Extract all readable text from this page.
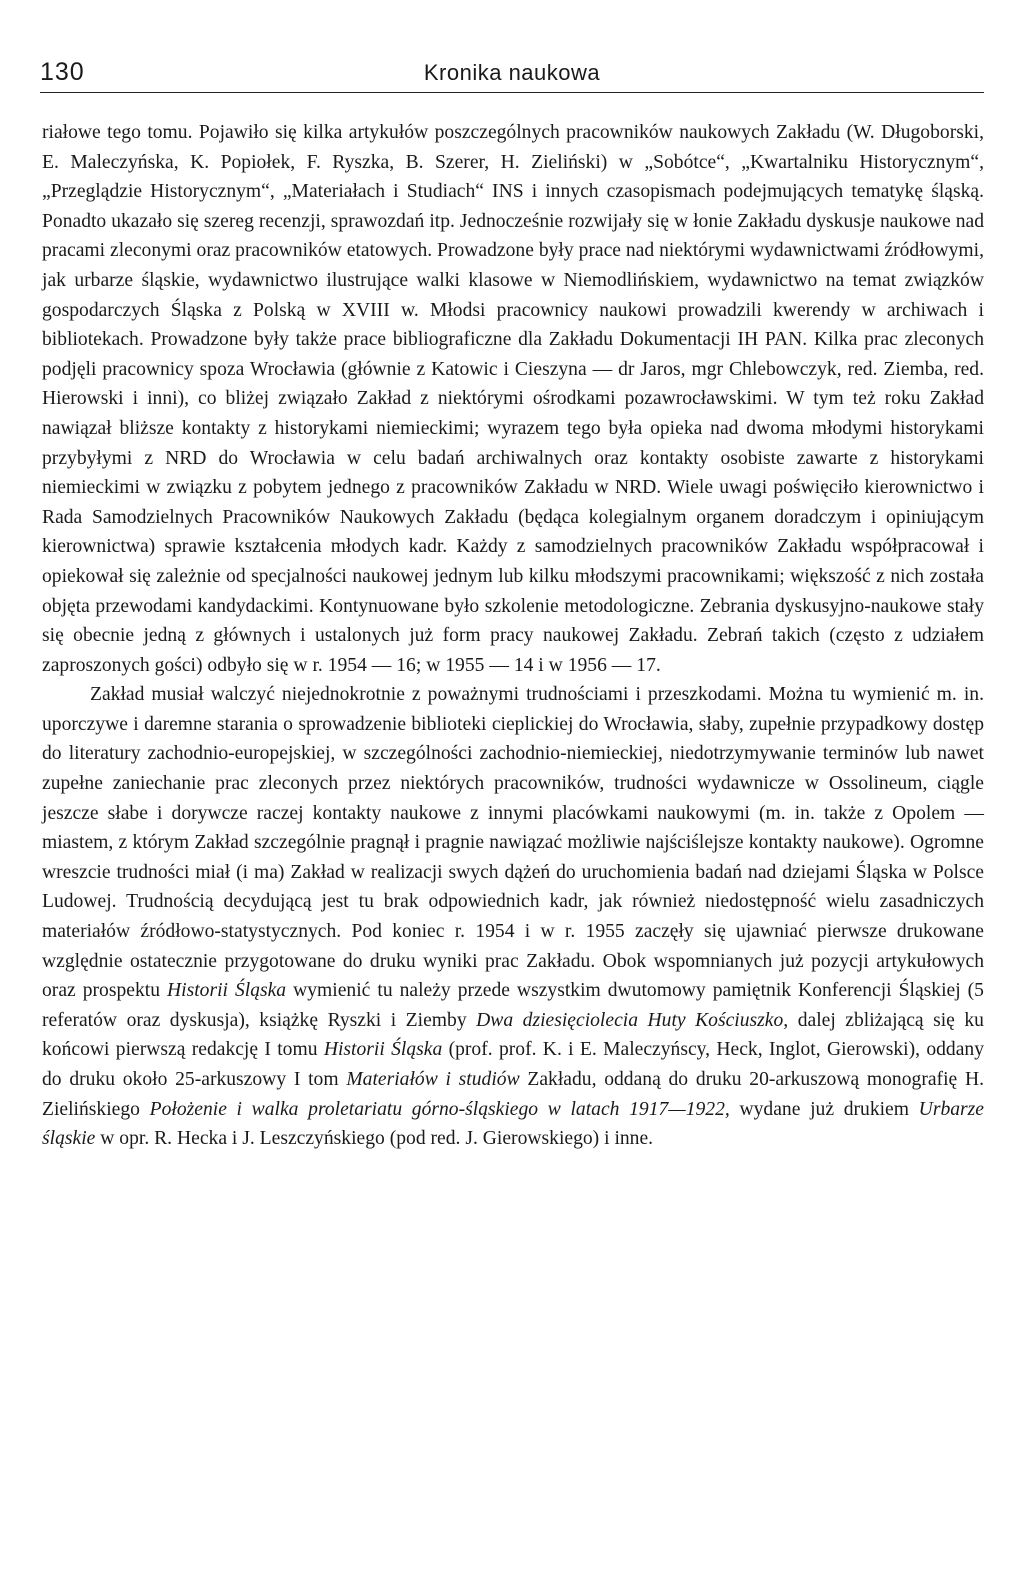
130	Kronika naukowa

riałowe tego tomu. Pojawiło się kilka artykułów poszczególnych pracowników naukowych Zakładu (W. Długoborski, E. Maleczyńska, K. Popiołek, F. Ryszka, B. Szerer, H. Zieliński) w „Sobótce“, „Kwartalniku Historycznym“, „Przeglądzie Historycznym“, „Materiałach i Studiach“ INS i innych czasopismach podejmujących tematykę śląską. Ponadto ukazało się szereg recenzji, sprawozdań itp. Jednocześnie rozwijały się w łonie Zakładu dyskusje naukowe nad pracami zleconymi oraz pracowników etatowych. Prowadzone były prace nad niektórymi wydawnictwami źródłowymi, jak urbarze śląskie, wydawnictwo ilustrujące walki klasowe w Niemodlińskiem, wydawnictwo na temat związków gospodarczych Śląska z Polską w XVIII w. Młodsi pracownicy naukowi prowadzili kwerendy w archiwach i bibliotekach. Prowadzone były także prace bibliograficzne dla Zakładu Dokumentacji IH PAN. Kilka prac zleconych podjęli pracownicy spoza Wrocławia (głównie z Katowic i Cieszyna — dr Jaros, mgr Chlebowczyk, red. Ziemba, red. Hierowski i inni), co bliżej związało Zakład z niektórymi ośrodkami pozawrocławskimi. W tym też roku Zakład nawiązał bliższe kontakty z historykami niemieckimi; wyrazem tego była opieka nad dwoma młodymi historykami przybyłymi z NRD do Wrocławia w celu badań archiwalnych oraz kontakty osobiste zawarte z historykami niemieckimi w związku z pobytem jednego z pracowników Zakładu w NRD. Wiele uwagi poświęciło kierownictwo i Rada Samodzielnych Pracowników Naukowych Zakładu (będąca kolegialnym organem doradczym i opiniującym kierownictwa) sprawie kształcenia młodych kadr. Każdy z samodzielnych pracowników Zakładu współpracował i opiekował się zależnie od specjalności naukowej jednym lub kilku młodszymi pracownikami; większość z nich została objęta przewodami kandydackimi. Kontynuowane było szkolenie metodologiczne. Zebrania dyskusyjno-naukowe stały się obecnie jedną z głównych i ustalonych już form pracy naukowej Zakładu. Zebrań takich (często z udziałem zaproszonych gości) odbyło się w r. 1954 — 16; w 1955 — 14 i w 1956 — 17.

Zakład musiał walczyć niejednokrotnie z poważnymi trudnościami i przeszkodami. Można tu wymienić m. in. uporczywe i daremne starania o sprowadzenie biblioteki cieplickiej do Wrocławia, słaby, zupełnie przypadkowy dostęp do literatury zachodnio-europejskiej, w szczególności zachodnio-niemieckiej, niedotrzymywanie terminów lub nawet zupełne zaniechanie prac zleconych przez niektórych pracowników, trudności wydawnicze w Ossolineum, ciągle jeszcze słabe i dorywcze raczej kontakty naukowe z innymi placówkami naukowymi (m. in. także z Opolem — miastem, z którym Zakład szczególnie pragnął i pragnie nawiązać możliwie najściślejsze kontakty naukowe). Ogromne wreszcie trudności miał (i ma) Zakład w realizacji swych dążeń do uruchomienia badań nad dziejami Śląska w Polsce Ludowej. Trudnością decydującą jest tu brak odpowiednich kadr, jak również niedostępność wielu zasadniczych materiałów źródłowo-statystycznych. Pod koniec r. 1954 i w r. 1955 zaczęły się ujawniać pierwsze drukowane względnie ostatecznie przygotowane do druku wyniki prac Zakładu. Obok wspomnianych już pozycji artykułowych oraz prospektu Historii Śląska wymienić tu należy przede wszystkim dwutomowy pamiętnik Konferencji Śląskiej (5 referatów oraz dyskusja), książkę Ryszki i Ziemby Dwa dziesięciolecia Huty Kościuszko, dalej zbliżającą się ku końcowi pierwszą redakcję I tomu Historii Śląska (prof. prof. K. i E. Maleczyńscy, Heck, Inglot, Gierowski), oddany do druku około 25-arkuszowy I tom Materiałów i studiów Zakładu, oddaną do druku 20-arkuszową monografię H. Zielińskiego Położenie i walka proletariatu górno-śląskiego w latach 1917—1922, wydane już drukiem Urbarze śląskie w opr. R. Hecka i J. Leszczyńskiego (pod red. J. Gierowskiego) i inne.
